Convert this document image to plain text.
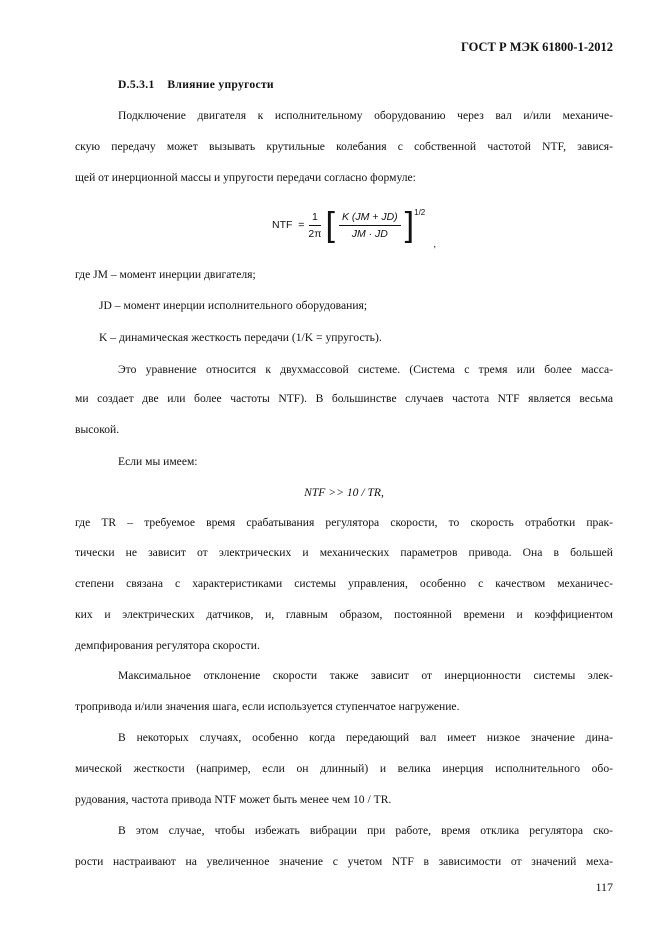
ГОСТ Р МЭК 61800-1-2012
D.5.3.1 Влияние упругости
Подключение двигателя к исполнительному оборудованию через вал и/или механиче-
скую передачу может вызывать крутильные колебания с собственной частотой NTF, завися-
щей от инерционной массы и упругости передачи согласно формуле:
NTF
= $\frac{1}{2\pi}$ [ $\frac{K (JM + JD)}{JM \cdot JD} ]^{1/2}$
,
где JM – момент инерции двигателя;
JD – момент инерции исполнительного оборудования;
K – динамическая жесткость передачи (1/K = упругость).
Это уравнение относится к двухмассовой системе. (Система с тремя или более масса-
ми создает две или более частоты NTF). В большинстве случаев частота NTF является весьма
высокой.
Если мы имеем:
NTF >> 10 / TR,
где TR – требуемое время срабатывания регулятора скорости, то скорость отработки прак-
тически не зависит от электрических и механических параметров привода. Она в большей
степени связана с характеристиками системы управления, особенно с качеством механичес-
ких и электрических датчиков, и, главным образом, постоянной времени и коэффициентом
демпфирования регулятора скорости.
Максимальное отклонение скорости также зависит от инерционности системы элек-
тропривода и/или значения шага, если используется ступенчатое нагружение.
В некоторых случаях, особенно когда передающий вал имеет низкое значение дина-
мической жесткости (например, если он длинный) и велика инерция исполнительного обо-
рудования, частота привода NTF может быть менее чем 10 / TR.
В этом случае, чтобы избежать вибрации при работе, время отклика регулятора ско-
рости настраивают на увеличенное значение с учетом NTF в зависимости от значений меха-
117
